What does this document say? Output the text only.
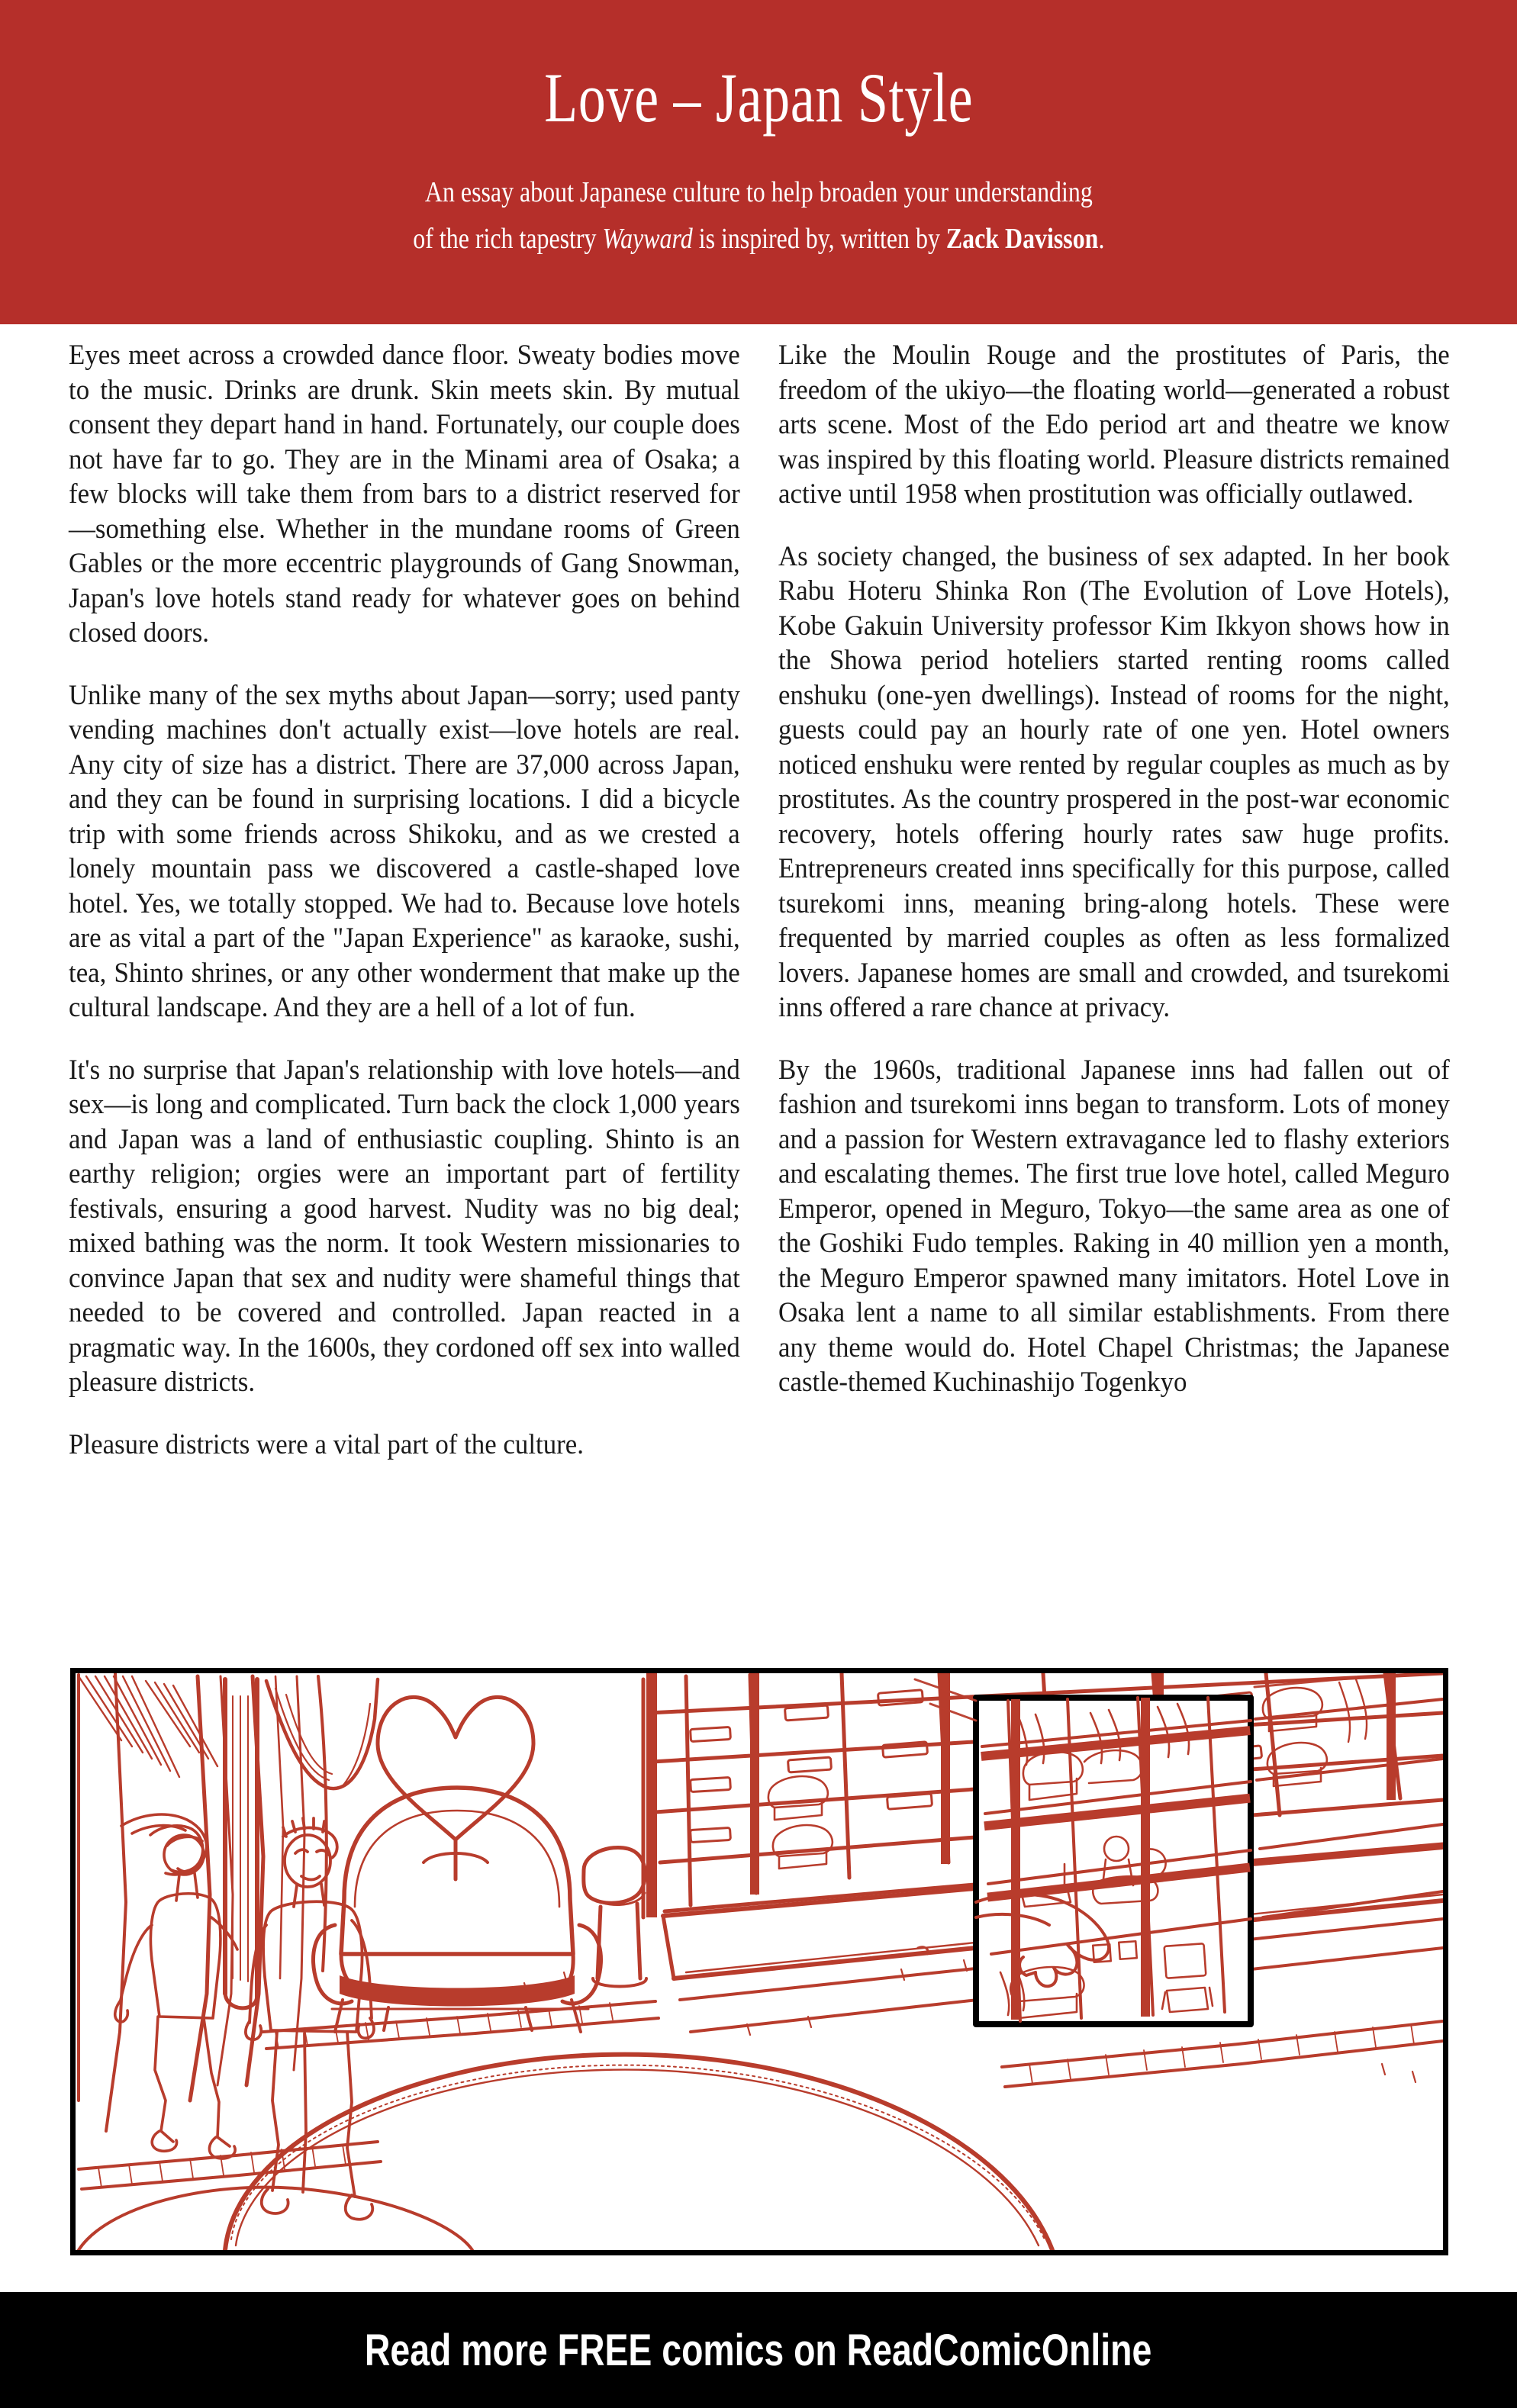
Love – Japan Style
An essay about Japanese culture to help broaden your understanding
of the rich tapestry Wayward is inspired by, written by Zack Davisson.

Eyes meet across a crowded dance floor. Sweaty bodies move to the music. Drinks are drunk. Skin meets skin. By mutual consent they depart hand in hand. Fortunately, our couple does not have far to go. They are in the Minami area of Osaka; a few blocks will take them from bars to a district reserved for—something else. Whether in the mundane rooms of Green Gables or the more eccentric playgrounds of Gang Snowman, Japan's love hotels stand ready for whatever goes on behind closed doors.

Unlike many of the sex myths about Japan—sorry; used panty vending machines don't actually exist—love hotels are real. Any city of size has a district. There are 37,000 across Japan, and they can be found in surprising locations. I did a bicycle trip with some friends across Shikoku, and as we crested a lonely mountain pass we discovered a castle-shaped love hotel. Yes, we totally stopped. We had to. Because love hotels are as vital a part of the "Japan Experience" as karaoke, sushi, tea, Shinto shrines, or any other wonderment that make up the cultural landscape. And they are a hell of a lot of fun.

It's no surprise that Japan's relationship with love hotels—and sex—is long and complicated. Turn back the clock 1,000 years and Japan was a land of enthusiastic coupling. Shinto is an earthy religion; orgies were an important part of fertility festivals, ensuring a good harvest. Nudity was no big deal; mixed bathing was the norm. It took Western missionaries to convince Japan that sex and nudity were shameful things that needed to be covered and controlled. Japan reacted in a pragmatic way. In the 1600s, they cordoned off sex into walled pleasure districts.

Pleasure districts were a vital part of the culture.

Like the Moulin Rouge and the prostitutes of Paris, the freedom of the ukiyo—the floating world—generated a robust arts scene. Most of the Edo period art and theatre we know was inspired by this floating world. Pleasure districts remained active until 1958 when prostitution was officially outlawed.

As society changed, the business of sex adapted. In her book Rabu Hoteru Shinka Ron (The Evolution of Love Hotels), Kobe Gakuin University professor Kim Ikkyon shows how in the Showa period hoteliers started renting rooms called enshuku (one-yen dwellings). Instead of rooms for the night, guests could pay an hourly rate of one yen. Hotel owners noticed enshuku were rented by regular couples as much as by prostitutes. As the country prospered in the post-war economic recovery, hotels offering hourly rates saw huge profits. Entrepreneurs created inns specifically for this purpose, called tsurekomi inns, meaning bring-along hotels. These were frequented by married couples as often as less formalized lovers. Japanese homes are small and crowded, and tsurekomi inns offered a rare chance at privacy.

By the 1960s, traditional Japanese inns had fallen out of fashion and tsurekomi inns began to transform. Lots of money and a passion for Western extravagance led to flashy exteriors and escalating themes. The first true love hotel, called Meguro Emperor, opened in Meguro, Tokyo—the same area as one of the Goshiki Fudo temples. Raking in 40 million yen a month, the Meguro Emperor spawned many imitators. Hotel Love in Osaka lent a name to all similar establishments. From there any theme would do. Hotel Chapel Christmas; the Japanese castle-themed Kuchinashijo Togenkyo

Read more FREE comics on ReadComicOnline
